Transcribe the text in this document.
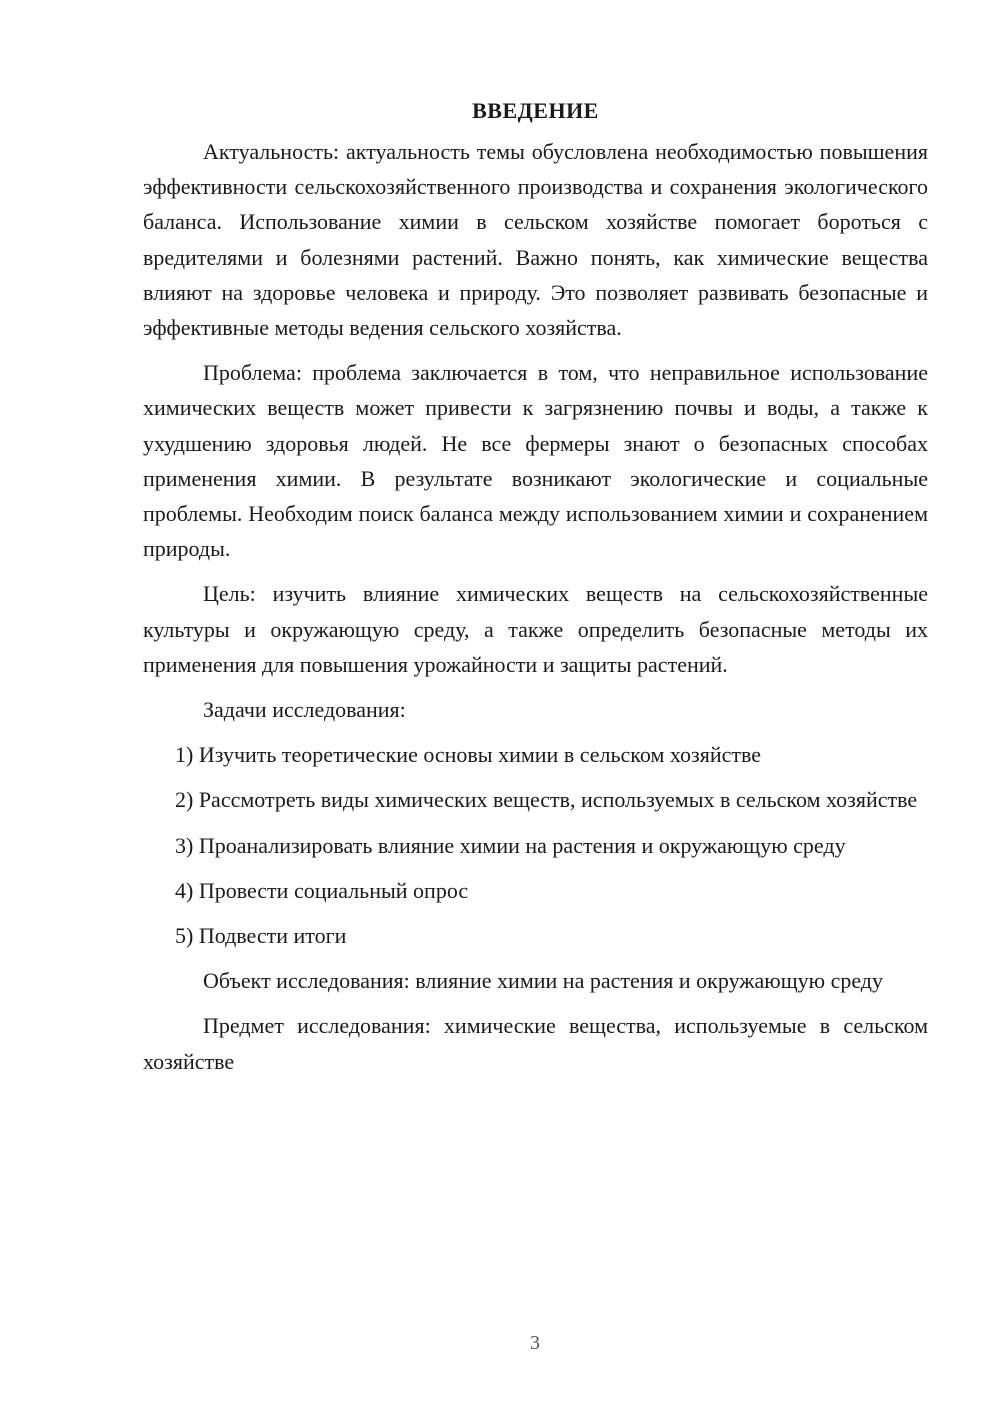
ВВЕДЕНИЕ

Актуальность: актуальность темы обусловлена необходимостью повышения эффективности сельскохозяйственного производства и сохранения экологического баланса. Использование химии в сельском хозяйстве помогает бороться с вредителями и болезнями растений. Важно понять, как химические вещества влияют на здоровье человека и природу. Это позволяет развивать безопасные и эффективные методы ведения сельского хозяйства.

Проблема: проблема заключается в том, что неправильное использование химических веществ может привести к загрязнению почвы и воды, а также к ухудшению здоровья людей. Не все фермеры знают о безопасных способах применения химии. В результате возникают экологические и социальные проблемы. Необходим поиск баланса между использованием химии и сохранением природы.

Цель: изучить влияние химических веществ на сельскохозяйственные культуры и окружающую среду, а также определить безопасные методы их применения для повышения урожайности и защиты растений.

Задачи исследования:

1) Изучить теоретические основы химии в сельском хозяйстве

2) Рассмотреть виды химических веществ, используемых в сельском хозяйстве

3) Проанализировать влияние химии на растения и окружающую среду

4) Провести социальный опрос

5) Подвести итоги

Объект исследования: влияние химии на растения и окружающую среду

Предмет исследования: химические вещества, используемые в сельском хозяйстве

3
